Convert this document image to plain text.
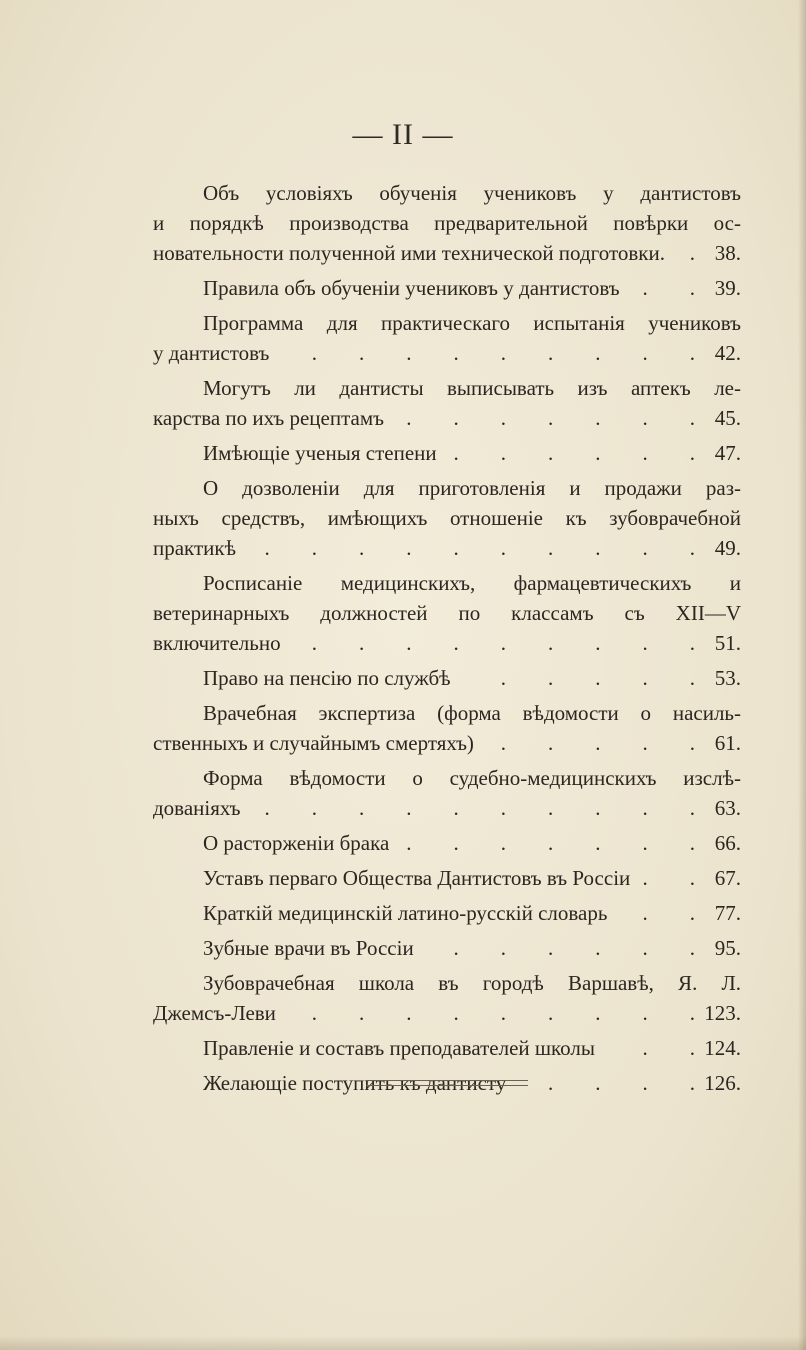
— II —
Объ условіяхъ обученія учениковъ у дантистовъ
и порядкѣ производства предварительной повѣрки ос-
новательности полученной ими технической подготовки. .  . 	38.
Правила объ обученіи учениковъ у дантистовъ .  . 	39.
Программа для практическаго испытанія учениковъ
у дантистовъ .  . 	42.
Могутъ ли дантисты выписывать изъ аптекъ ле-
карства по ихъ рецептамъ .  . 	45.
Имѣющіе ученыя степени .  . 	47.
О дозволеніи для приготовленія и продажи раз-
ныхъ средствъ, имѣющихъ отношеніе къ зубоврачебной
практикѣ .  . 	49.
Росписаніе медицинскихъ, фармацевтическихъ и
ветеринарныхъ должностей по классамъ съ XII—V
включительно .  . 	51.
Право на пенсію по службѣ .  . 	53.
Врачебная экспертиза (форма вѣдомости о насиль-
ственныхъ и случайнымъ смертяхъ) .  . 	61.
Форма вѣдомости о судебно-медицинскихъ изслѣ-
дованіяхъ .  . 	63.
О расторженіи брака .  . 	66.
Уставъ перваго Общества Дантистовъ въ Россіи .  . 	67.
Краткій медицинскій латино-русскій словарь .  . 	77.
Зубные врачи въ Россіи .  . 	95.
Зубоврачебная школа въ городѣ Варшавѣ, Я. Л.
Джемсъ-Леви .  . 	123.
Правленіе и составъ преподавателей школы .  . 	124.
Желающіе поступить къ дантисту .  . 	126.
